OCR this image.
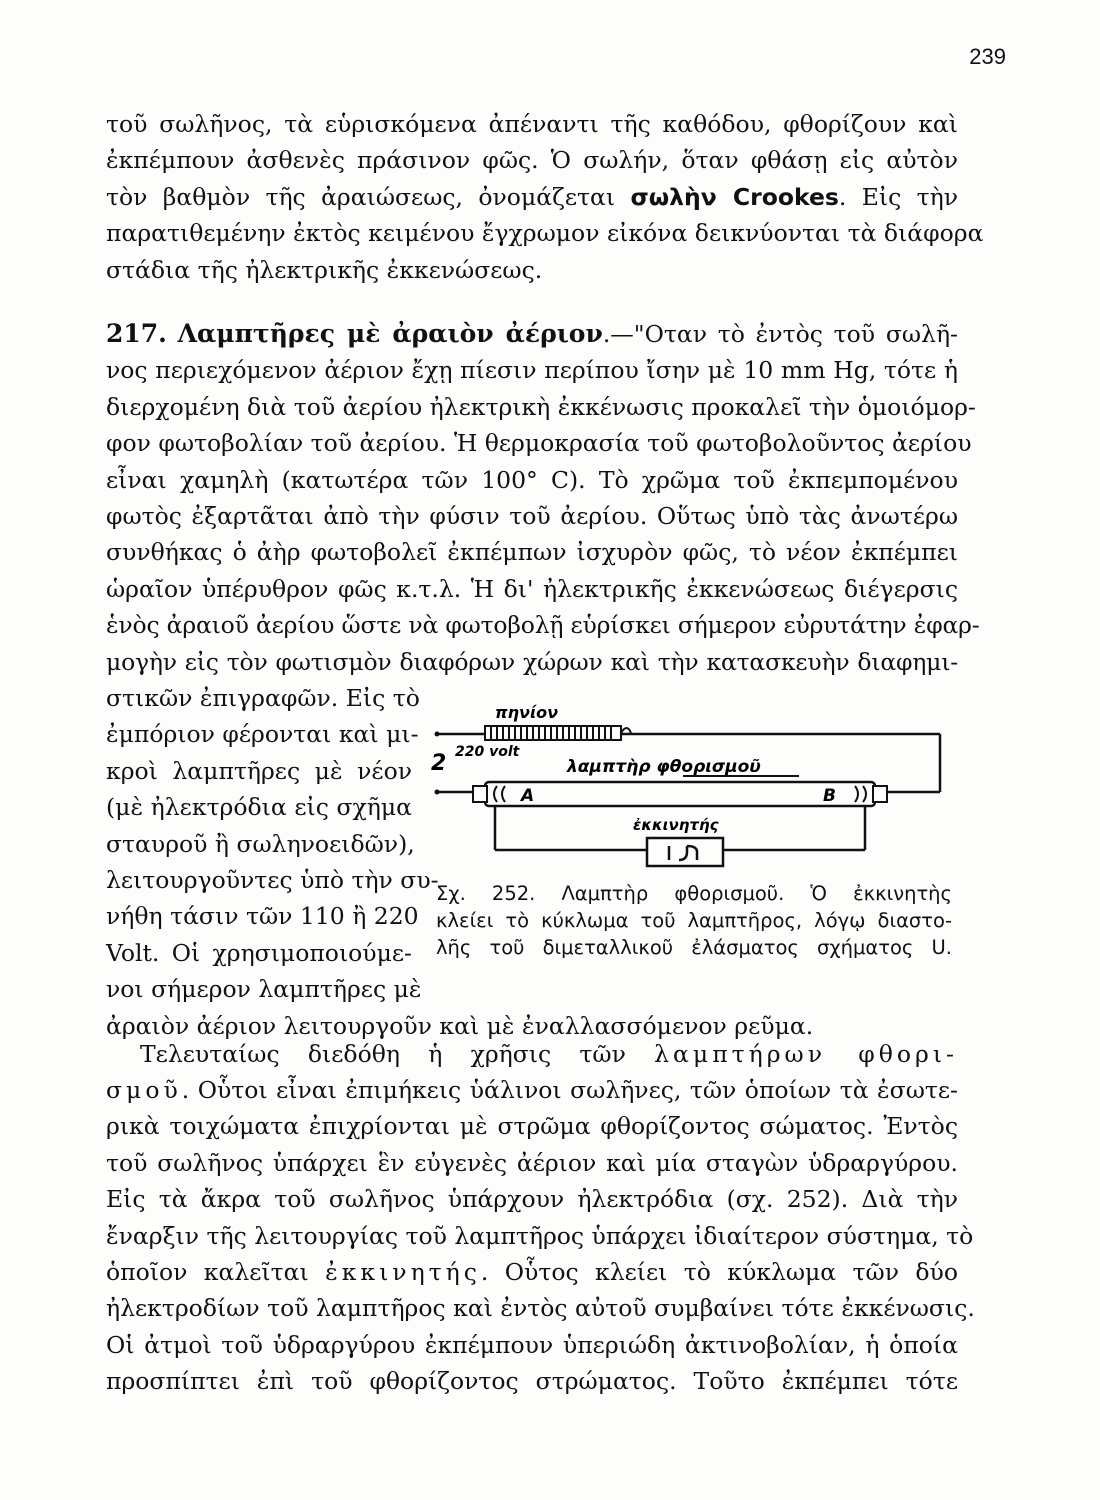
239
τοῦ σωλῆνος, τὰ εὑρισκόμενα ἀπέναντι τῆς καθόδου, φθορίζουν καὶ
ἐκπέμπουν ἀσθενὲς πράσινον φῶς. Ὁ σωλήν, ὅταν φθάσῃ εἰς αὐτὸν
τὸν βαθμὸν τῆς ἀραιώσεως, ὀνομάζεται σωλὴν Crookes. Εἰς τὴν
παρατιθεμένην ἐκτὸς κειμένου ἔγχρωμον εἰκόνα δεικνύονται τὰ διάφορα
στάδια τῆς ἠλεκτρικῆς ἐκκενώσεως.
217. Λαμπτῆρες μὲ ἀραιὸν ἀέριον.—"Οταν τὸ ἐντὸς τοῦ σωλῆ-
νος περιεχόμενον ἀέριον ἔχῃ πίεσιν περίπου ἴσην μὲ 10 mm Hg, τότε ἡ
διερχομένη διὰ τοῦ ἀερίου ἠλεκτρικὴ ἐκκένωσις προκαλεῖ τὴν ὁμοιόμορ-
φον φωτοβολίαν τοῦ ἀερίου. Ἡ θερμοκρασία τοῦ φωτοβολοῦντος ἀερίου
εἶναι χαμηλὴ (κατωτέρα τῶν 100° C). Τὸ χρῶμα τοῦ ἐκπεμπομένου
φωτὸς ἐξαρτᾶται ἀπὸ τὴν φύσιν τοῦ ἀερίου. Οὕτως ὑπὸ τὰς ἀνωτέρω
συνθήκας ὁ ἀὴρ φωτοβολεῖ ἐκπέμπων ἰσχυρὸν φῶς, τὸ νέον ἐκπέμπει
ὡραῖον ὑπέρυθρον φῶς κ.τ.λ. Ἡ δι' ἠλεκτρικῆς ἐκκενώσεως διέγερσις
ἑνὸς ἀραιοῦ ἀερίου ὥστε νὰ φωτοβολῇ εὑρίσκει σήμερον εὐρυτάτην ἐφαρ-
μογὴν εἰς τὸν φωτισμὸν διαφόρων χώρων καὶ τὴν κατασκευὴν διαφημι-
στικῶν ἐπιγραφῶν. Εἰς τὸ
ἐμπόριον φέρονται καὶ μι-
κροὶ λαμπτῆρες μὲ νέον
(μὲ ἠλεκτρόδια εἰς σχῆμα
σταυροῦ ἢ σωληνοειδῶν),
λειτουργοῦντες ὑπὸ τὴν συ-
νήθη τάσιν τῶν 110 ἢ 220
Volt. Οἱ χρησιμοποιούμε-
νοι σήμερον λαμπτῆρες μὲ
πηνίον
2 220 volt
λαμπτὴρ φθορισμοῦ
A	B
ἐκκινητής
Σχ. 252. Λαμπτὴρ φθορισμοῦ. Ὁ ἐκκινητὴς
κλείει τὸ κύκλωμα τοῦ λαμπτῆρος, λόγῳ διαστο-
λῆς τοῦ διμεταλλικοῦ ἐλάσματος σχήματος U.
ἀραιὸν ἀέριον λειτουργοῦν καὶ μὲ ἐναλλασσόμενον ρεῦμα.
Τελευταίως διεδόθη ἡ χρῆσις τῶν λαμπτήρων φθορι-
σμοῦ. Οὗτοι εἶναι ἐπιμήκεις ὑάλινοι σωλῆνες, τῶν ὁποίων τὰ ἐσωτε-
ρικὰ τοιχώματα ἐπιχρίονται μὲ στρῶμα φθορίζοντος σώματος. Ἐντὸς
τοῦ σωλῆνος ὑπάρχει ἓν εὐγενὲς ἀέριον καὶ μία σταγὼν ὑδραργύρου.
Εἰς τὰ ἄκρα τοῦ σωλῆνος ὑπάρχουν ἠλεκτρόδια (σχ. 252). Διὰ τὴν
ἔναρξιν τῆς λειτουργίας τοῦ λαμπτῆρος ὑπάρχει ἰδιαίτερον σύστημα, τὸ
ὁποῖον καλεῖται ἐκκινητής. Οὗτος κλείει τὸ κύκλωμα τῶν δύο
ἠλεκτροδίων τοῦ λαμπτῆρος καὶ ἐντὸς αὐτοῦ συμβαίνει τότε ἐκκένωσις.
Οἱ ἀτμοὶ τοῦ ὑδραργύρου ἐκπέμπουν ὑπεριώδη ἀκτινοβολίαν, ἡ ὁποία
προσπίπτει ἐπὶ τοῦ φθορίζοντος στρώματος. Τοῦτο ἐκπέμπει τότε
